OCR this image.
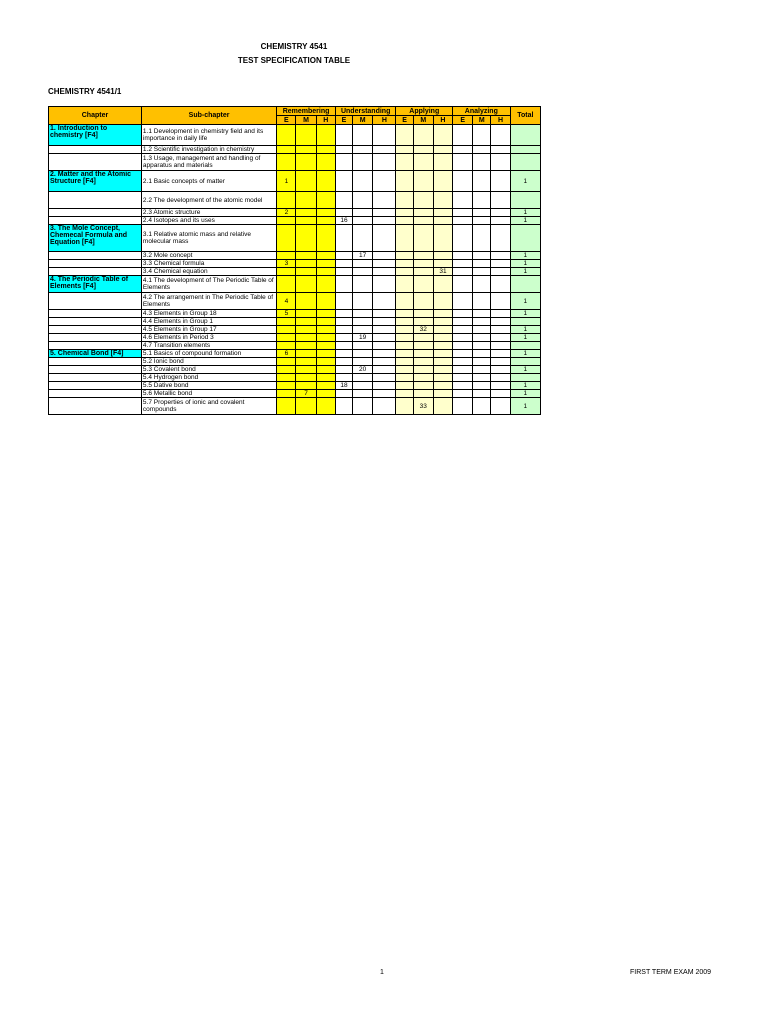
CHEMISTRY 4541
TEST SPECIFICATION TABLE
CHEMISTRY 4541/1
Chapter	Sub-chapter	Remembering			Understanding			Applying			Analyzing			Total
		E	M	H	E	M	H	E	M	H	E	M	H	
1. Introduction to chemistry [F4]	1.1 Development in chemistry field and its importance in daily life													
	1.2 Scientific investigation in chemistry													
	1.3 Usage, management and handling of apparatus and materials													
2. Matter and the Atomic Structure [F4]	2.1 Basic concepts of matter	1												1
	2.2 The development of the atomic model													
	2.3 Atomic structure	2												1
	2.4 Isotopes and its uses				16									1
3. The Mole Concept, Chemecal Formula and Equation [F4]	3.1 Relative atomic mass and relative molecular mass													
	3.2 Mole concept					17								1
	3.3 Chemical formula	3												1
	3.4 Chemical equation									31				1
4. The Periodic Table of Elements [F4]	4.1 The development of The Periodic Table of Elements													
	4.2 The arrangement in The Periodic Table of Elements	4												1
	4.3 Elements in Group 18	5												1
	4.4 Elements in Group 1													
	4.5 Elements in Group 17								32					1
	4.6 Elements in Period 3					19								1
	4.7 Transition elements													
5. Chemical Bond [F4]	5.1 Basics of compound formation	6												1
	5.2 Ionic bond													
	5.3 Covalent bond					20								1
	5.4 Hydrogen bond													
	5.5 Dative bond				18									1
	5.6 Metallic bond		7											1
	5.7 Properties of ionic and covalent compounds								33					1
1	FIRST TERM EXAM 2009
